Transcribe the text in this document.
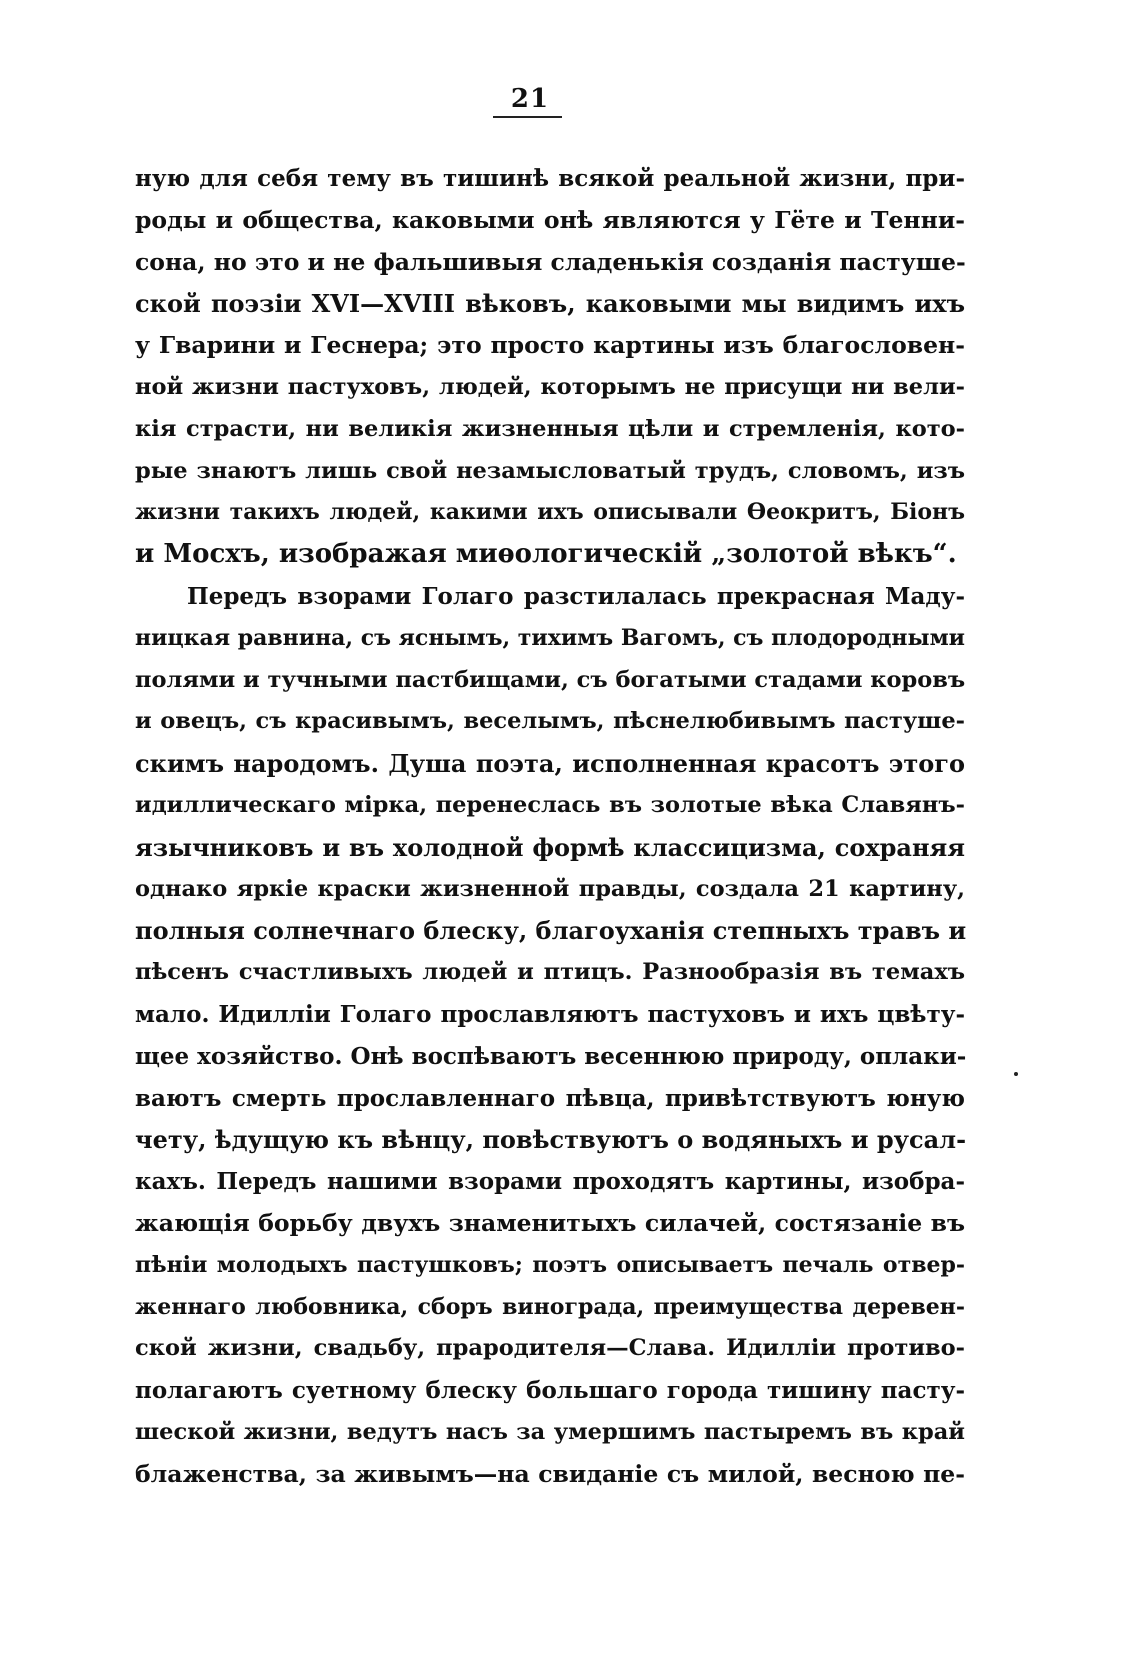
21
ную для себя тему въ тишинѣ всякой реальной жизни, при-
роды и общества, каковыми онѣ являются у Гёте и Тенни-
сона, но это и не фальшивыя сладенькія созданія пастуше-
ской поэзіи XVI—XVIII вѣковъ, каковыми мы видимъ ихъ
у Гварини и Геснера; это просто картины изъ благословен-
ной жизни пастуховъ, людей, которымъ не присущи ни вели-
кія страсти, ни великія жизненныя цѣли и стремленія, кото-
рые знаютъ лишь свой незамысловатый трудъ, словомъ, изъ
жизни такихъ людей, какими ихъ описывали Ѳеокритъ, Біонъ
и Мосхъ, изображая миѳологическій „золотой вѣкъ“.
Передъ взорами Голаго разстилалась прекрасная Маду-
ницкая равнина, съ яснымъ, тихимъ Вагомъ, съ плодородными
полями и тучными пастбищами, съ богатыми стадами коровъ
и овецъ, съ красивымъ, веселымъ, пѣснелюбивымъ пастуше-
скимъ народомъ. Душа поэта, исполненная красотъ этого
идиллическаго мірка, перенеслась въ золотые вѣка Славянъ-
язычниковъ и въ холодной формѣ классицизма, сохраняя
однако яркіе краски жизненной правды, создала 21 картину,
полныя солнечнаго блеску, благоуханія степныхъ травъ и
пѣсенъ счастливыхъ людей и птицъ. Разнообразія въ темахъ
мало. Идилліи Голаго прославляютъ пастуховъ и ихъ цвѣту-
щее хозяйство. Онѣ воспѣваютъ весеннюю природу, оплаки-
ваютъ смерть прославленнаго пѣвца, привѣтствуютъ юную
чету, ѣдущую къ вѣнцу, повѣствуютъ о водяныхъ и русал-
кахъ. Передъ нашими взорами проходятъ картины, изобра-
жающія борьбу двухъ знаменитыхъ силачей, состязаніе въ
пѣніи молодыхъ пастушковъ; поэтъ описываетъ печаль отвер-
женнаго любовника, сборъ винограда, преимущества деревен-
ской жизни, свадьбу, прародителя—Слава. Идилліи противо-
полагаютъ суетному блеску большаго города тишину пасту-
шеской жизни, ведутъ насъ за умершимъ пастыремъ въ край
блаженства, за живымъ—на свиданіе съ милой, весною пе-
